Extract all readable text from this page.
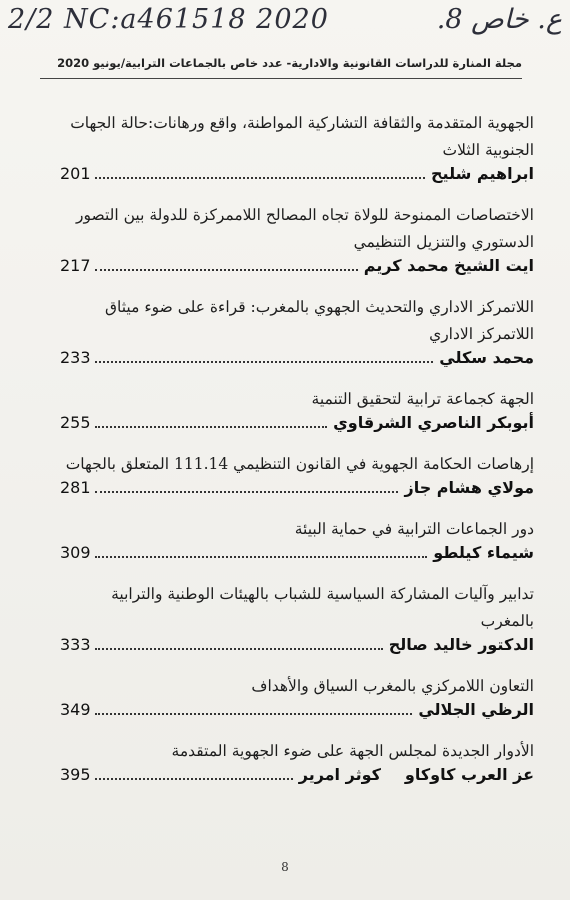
2/2 NC:a461518 2020	ع. خاص 8.
مجلة المنارة للدراسات القانونية والادارية- عدد خاص بالجماعات الترابية/يونيو 2020
الجهوية المتقدمة والثقافة التشاركية المواطنة، واقع ورهانات:حالة الجهات الجنوبية الثلاث
ابراهيم شليح
201
الاختصاصات الممنوحة للولاة تجاه المصالح اللاممركزة للدولة بين التصور الدستوري والتنزيل التنظيمي
ايت الشيخ محمد كريم
217
اللاتمركز الاداري والتحديث الجهوي بالمغرب: قراءة على ضوء ميثاق اللاتمركز الاداري
محمد سكلي
233
الجهة كجماعة ترابية لتحقيق التنمية
أبوبكر الناصري الشرقاوي
255
إرهاصات الحكامة الجهوية في القانون التنظيمي 111.14 المتعلق بالجهات
مولاي هشام جاز
281
دور الجماعات الترابية في حماية البيئة
شيماء كيلطو
309
تدابير وآليات المشاركة السياسية للشباب بالهيئات الوطنية والترابية بالمغرب
الدكتور خاليد صالح
333
التعاون اللامركزي بالمغرب السياق والأهداف
الرظي الجلالي
349
الأدوار الجديدة لمجلس الجهة على ضوء الجهوية المتقدمة
عز العرب كاوكاو
كوثر امرير
395
8
